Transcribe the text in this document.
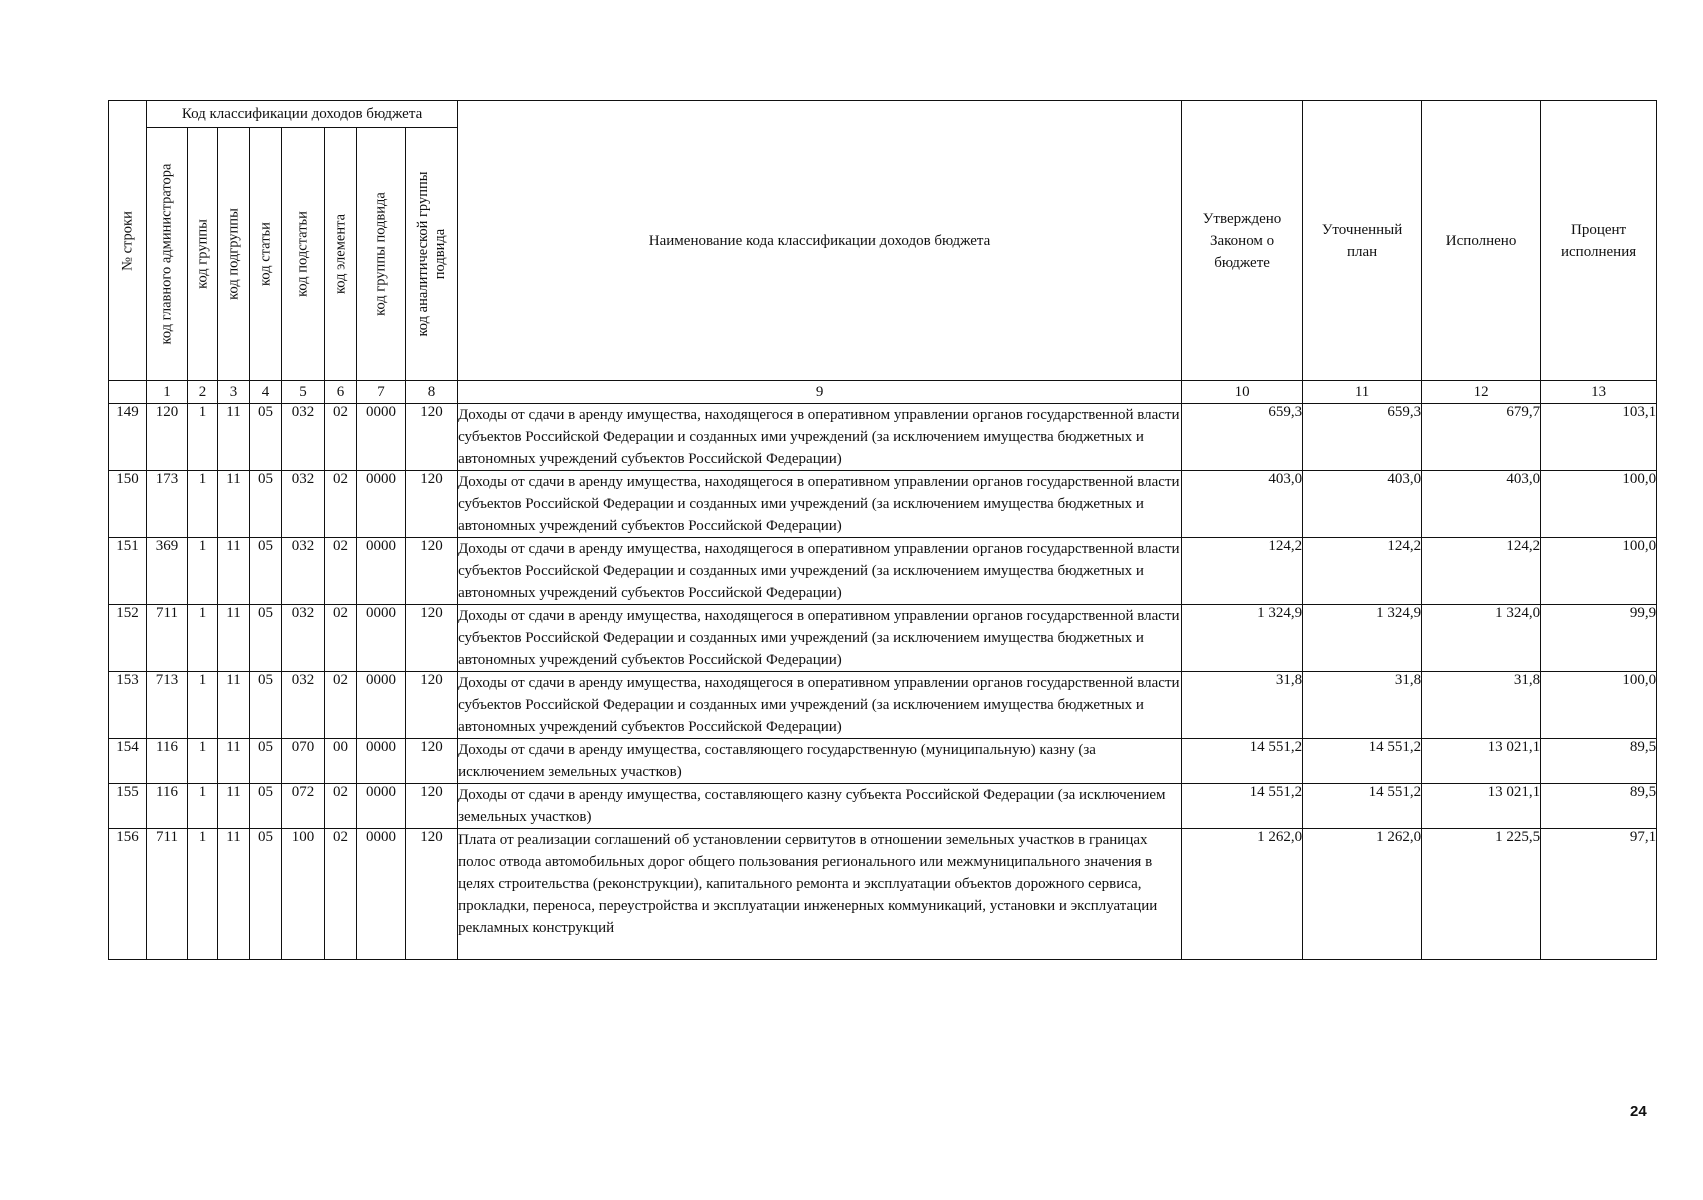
№ строки	Код классификации доходов бюджета								Наименование кода классификации доходов бюджета	Утверждено Законом о бюджете	Уточненный план	Исполнено	Процент исполнения

	код главного администратора	код группы	код подгруппы	код статьи	код подстатьи	код элемента	код группы подвида	код аналитической группы подвида					

	1	2	3	4	5	6	7	8	9	10	11	12	13
149	120	1	11	05	032	02	0000	120	Доходы от сдачи в аренду имущества, находящегося в оперативном управлении органов государственной власти субъектов Российской Федерации и созданных ими учреждений (за исключением имущества бюджетных и автономных учреждений субъектов Российской Федерации)	659,3	659,3	679,7	103,1
150	173	1	11	05	032	02	0000	120	Доходы от сдачи в аренду имущества, находящегося в оперативном управлении органов государственной власти субъектов Российской Федерации и созданных ими учреждений (за исключением имущества бюджетных и автономных учреждений субъектов Российской Федерации)	403,0	403,0	403,0	100,0
151	369	1	11	05	032	02	0000	120	Доходы от сдачи в аренду имущества, находящегося в оперативном управлении органов государственной власти субъектов Российской Федерации и созданных ими учреждений (за исключением имущества бюджетных и автономных учреждений субъектов Российской Федерации)	124,2	124,2	124,2	100,0
152	711	1	11	05	032	02	0000	120	Доходы от сдачи в аренду имущества, находящегося в оперативном управлении органов государственной власти субъектов Российской Федерации и созданных ими учреждений (за исключением имущества бюджетных и автономных учреждений субъектов Российской Федерации)	1 324,9	1 324,9	1 324,0	99,9
153	713	1	11	05	032	02	0000	120	Доходы от сдачи в аренду имущества, находящегося в оперативном управлении органов государственной власти субъектов Российской Федерации и созданных ими учреждений (за исключением имущества бюджетных и автономных учреждений субъектов Российской Федерации)	31,8	31,8	31,8	100,0
154	116	1	11	05	070	00	0000	120	Доходы от сдачи в аренду имущества, составляющего государственную (муниципальную) казну (за исключением земельных участков)	14 551,2	14 551,2	13 021,1	89,5
155	116	1	11	05	072	02	0000	120	Доходы от сдачи в аренду имущества, составляющего казну субъекта Российской Федерации (за исключением земельных участков)	14 551,2	14 551,2	13 021,1	89,5
156	711	1	11	05	100	02	0000	120	Плата от реализации соглашений об установлении сервитутов в отношении земельных участков в границах полос отвода автомобильных дорог общего пользования регионального или межмуниципального значения в целях строительства (реконструкции), капитального ремонта и эксплуатации объектов дорожного сервиса, прокладки, переноса, переустройства и эксплуатации инженерных коммуникаций, установки и эксплуатации рекламных конструкций	1 262,0	1 262,0	1 225,5	97,1
24
